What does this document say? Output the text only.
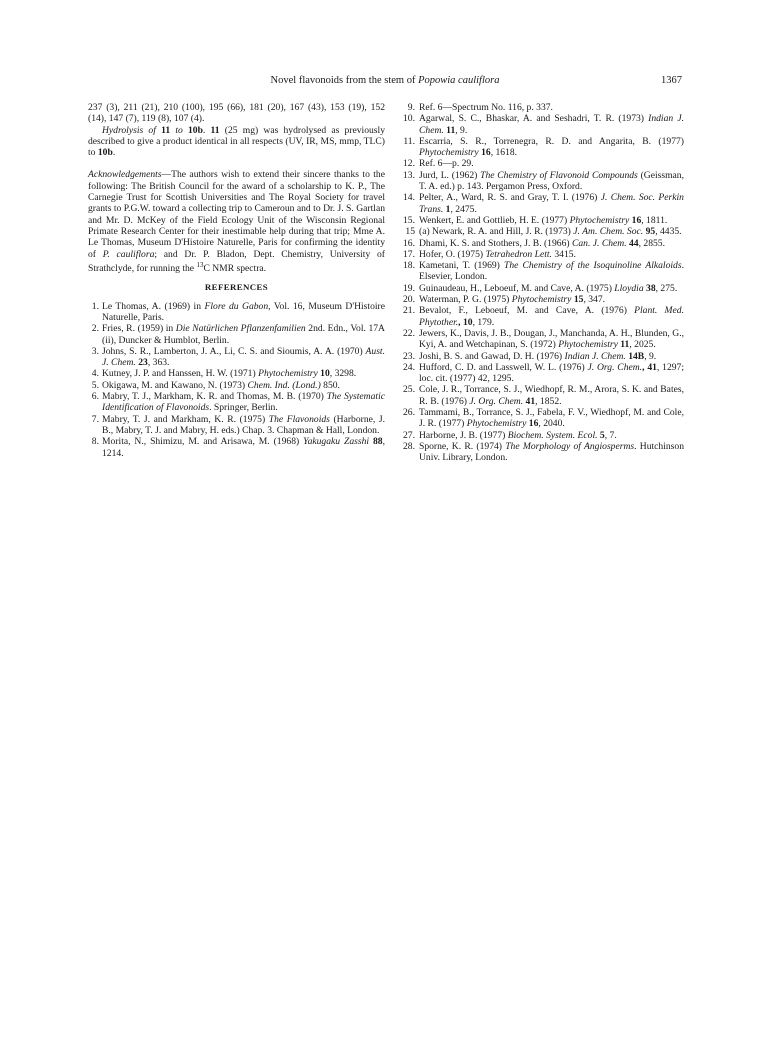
Novel flavonoids from the stem of Popowia cauliflora	1367

237 (3), 211 (21), 210 (100), 195 (66), 181 (20), 167 (43), 153 (19), 152 (14), 147 (7), 119 (8), 107 (4).

Hydrolysis of 11 to 10b. 11 (25 mg) was hydrolysed as previously described to give a product identical in all respects (UV, IR, MS, mmp, TLC) to 10b.

Acknowledgements—The authors wish to extend their sincere thanks to the following: The British Council for the award of a scholarship to K. P., The Carnegie Trust for Scottish Universities and The Royal Society for travel grants to P.G.W. toward a collecting trip to Cameroun and to Dr. J. S. Gartlan and Mr. D. McKey of the Field Ecology Unit of the Wisconsin Regional Primate Research Center for their inestimable help during that trip; Mme A. Le Thomas, Museum D'Histoire Naturelle, Paris for confirming the identity of P. cauliflora; and Dr. P. Bladon, Dept. Chemistry, University of Strathclyde, for running the $^{13}$C NMR spectra.

REFERENCES

1. Le Thomas, A. (1969) in Flore du Gabon, Vol. 16, Museum D'Histoire Naturelle, Paris.

2. Fries, R. (1959) in Die Natürlichen Pflanzenfamilien 2nd. Edn., Vol. 17A (ii), Duncker & Humblot, Berlin.

3. Johns, S. R., Lamberton, J. A., Li, C. S. and Sioumis, A. A. (1970) Aust. J. Chem. 23, 363.

4. Kutney, J. P. and Hanssen, H. W. (1971) Phytochemistry 10, 3298.

5. Okigawa, M. and Kawano, N. (1973) Chem. Ind. (Lond.) 850.

6. Mabry, T. J., Markham, K. R. and Thomas, M. B. (1970) The Systematic Identification of Flavonoids. Springer, Berlin.

7. Mabry, T. J. and Markham, K. R. (1975) The Flavonoids (Harborne, J. B., Mabry, T. J. and Mabry, H. eds.) Chap. 3. Chapman & Hall, London.

8. Morita, N., Shimizu, M. and Arisawa, M. (1968) Yakugaku Zasshi 88, 1214.

9. Ref. 6—Spectrum No. 116, p. 337.

10. Agarwal, S. C., Bhaskar, A. and Seshadri, T. R. (1973) Indian J. Chem. 11, 9.

11. Escarria, S. R., Torrenegra, R. D. and Angarita, B. (1977) Phytochemistry 16, 1618.

12. Ref. 6—p. 29.

13. Jurd, L. (1962) The Chemistry of Flavonoid Compounds (Geissman, T. A. ed.) p. 143. Pergamon Press, Oxford.

14. Pelter, A., Ward, R. S. and Gray, T. I. (1976) J. Chem. Soc. Perkin Trans. 1, 2475.

15. Wenkert, E. and Gottlieb, H. E. (1977) Phytochemistry 16, 1811.

15 (a) Newark, R. A. and Hill, J. R. (1973) J. Am. Chem. Soc. 95, 4435.

16. Dhami, K. S. and Stothers, J. B. (1966) Can. J. Chem. 44, 2855.

17. Hofer, O. (1975) Tetrahedron Lett. 3415.

18. Kametani, T. (1969) The Chemistry of the Isoquinoline Alkaloids. Elsevier, London.

19. Guinaudeau, H., Leboeuf, M. and Cave, A. (1975) Lloydia 38, 275.

20. Waterman, P. G. (1975) Phytochemistry 15, 347.

21. Bevalot, F., Leboeuf, M. and Cave, A. (1976) Plant. Med. Phytother., 10, 179.

22. Jewers, K., Davis, J. B., Dougan, J., Manchanda, A. H., Blunden, G., Kyi, A. and Wetchapinan, S. (1972) Phytochemistry 11, 2025.

23. Joshi, B. S. and Gawad, D. H. (1976) Indian J. Chem. 14B, 9.

24. Hufford, C. D. and Lasswell, W. L. (1976) J. Org. Chem., 41, 1297; loc. cit. (1977) 42, 1295.

25. Cole, J. R., Torrance, S. J., Wiedhopf, R. M., Arora, S. K. and Bates, R. B. (1976) J. Org. Chem. 41, 1852.

26. Tammami, B., Torrance, S. J., Fabela, F. V., Wiedhopf, M. and Cole, J. R. (1977) Phytochemistry 16, 2040.

27. Harborne, J. B. (1977) Biochem. System. Ecol. 5, 7.

28. Sporne, K. R. (1974) The Morphology of Angiosperms. Hutchinson Univ. Library, London.
